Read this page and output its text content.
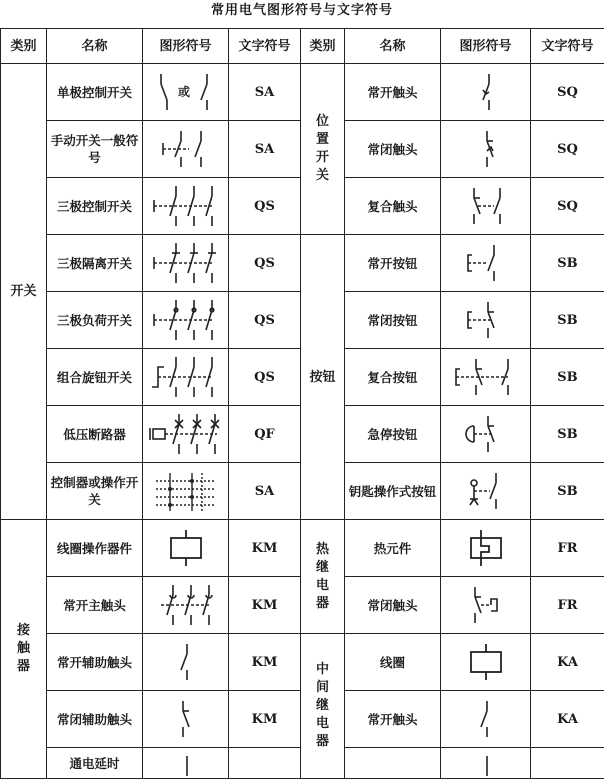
常用电气图形符号与文字符号
类别	名称	图形符号	文字符号	类别	名称	图形符号	文字符号
开关	单极控制开关	或	SA	位置开关	常开触头		SQ
	手动开关一般符号		SA		常闭触头		SQ
	三极控制开关		QS		复合触头		SQ
	三极隔离开关		QS	按钮	常开按钮		SB
	三极负荷开关		QS		常闭按钮		SB
	组合旋钮开关		QS		复合按钮		SB
	低压断路器		QF		急停按钮		SB
	控制器或操作开关		SA		钥匙操作式按钮		SB
接触器	线圈操作器件		KM	热继电器	热元件		FR
	常开主触头		KM		常闭触头		FR
	常开辅助触头		KM	中间继电器	线圈		KA
	常闭辅助触头		KM		常开触头		KA
	通电延时	
